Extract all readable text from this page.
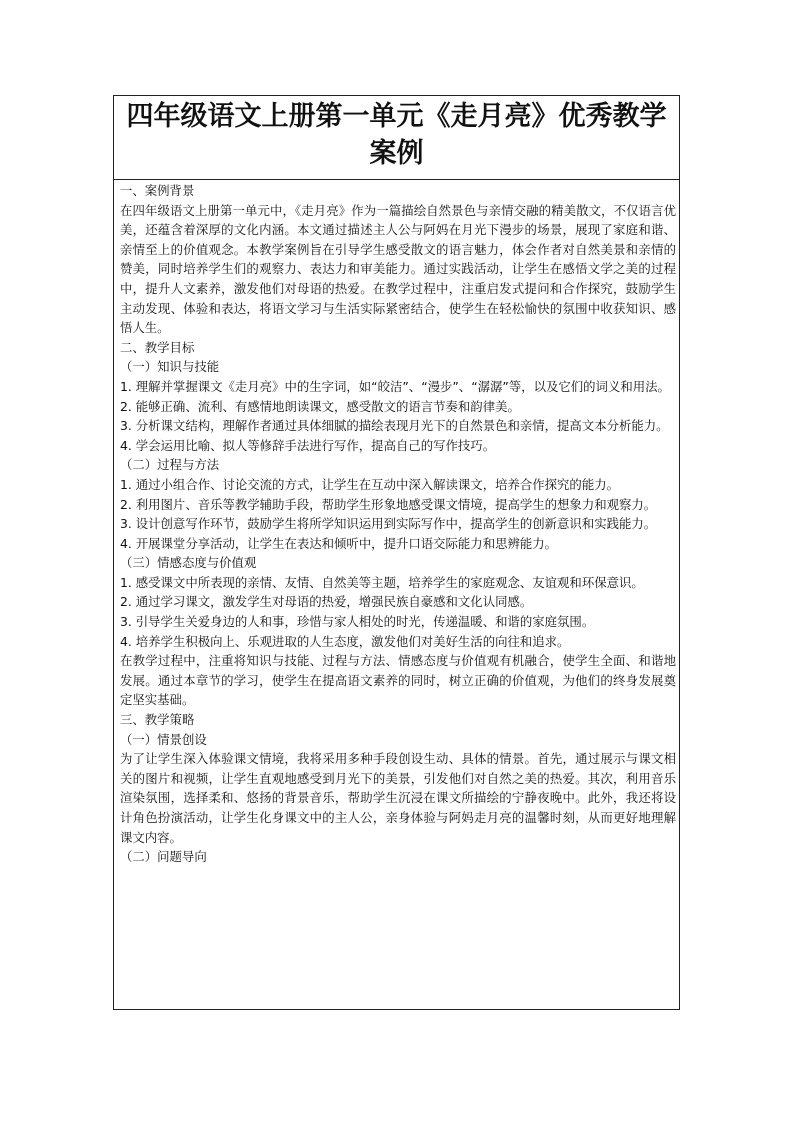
四年级语文上册第一单元《走月亮》优秀教学案例

一、案例背景

在四年级语文上册第一单元中，《走月亮》作为一篇描绘自然景色与亲情交融的精美散文，不仅语言优美，还蕴含着深厚的文化内涵。本文通过描述主人公与阿妈在月光下漫步的场景，展现了家庭和谐、亲情至上的价值观念。本教学案例旨在引导学生感受散文的语言魅力，体会作者对自然美景和亲情的赞美，同时培养学生们的观察力、表达力和审美能力。通过实践活动，让学生在感悟文学之美的过程中，提升人文素养，激发他们对母语的热爱。在教学过程中，注重启发式提问和合作探究，鼓励学生主动发现、体验和表达，将语文学习与生活实际紧密结合，使学生在轻松愉快的氛围中收获知识、感悟人生。

二、教学目标

（一）知识与技能

1. 理解并掌握课文《走月亮》中的生字词，如“皎洁”、“漫步”、“潺潺”等，以及它们的词义和用法。

2. 能够正确、流利、有感情地朗读课文，感受散文的语言节奏和韵律美。

3. 分析课文结构，理解作者通过具体细腻的描绘表现月光下的自然景色和亲情，提高文本分析能力。

4. 学会运用比喻、拟人等修辞手法进行写作，提高自己的写作技巧。

（二）过程与方法

1. 通过小组合作、讨论交流的方式，让学生在互动中深入解读课文，培养合作探究的能力。

2. 利用图片、音乐等教学辅助手段，帮助学生形象地感受课文情境，提高学生的想象力和观察力。

3. 设计创意写作环节，鼓励学生将所学知识运用到实际写作中，提高学生的创新意识和实践能力。

4. 开展课堂分享活动，让学生在表达和倾听中，提升口语交际能力和思辨能力。

（三）情感态度与价值观

1. 感受课文中所表现的亲情、友情、自然美等主题，培养学生的家庭观念、友谊观和环保意识。

2. 通过学习课文，激发学生对母语的热爱，增强民族自豪感和文化认同感。

3. 引导学生关爱身边的人和事，珍惜与家人相处的时光，传递温暖、和谐的家庭氛围。

4. 培养学生积极向上、乐观进取的人生态度，激发他们对美好生活的向往和追求。

在教学过程中，注重将知识与技能、过程与方法、情感态度与价值观有机融合，使学生全面、和谐地发展。通过本章节的学习，使学生在提高语文素养的同时，树立正确的价值观，为他们的终身发展奠定坚实基础。

三、教学策略

（一）情景创设

为了让学生深入体验课文情境，我将采用多种手段创设生动、具体的情景。首先，通过展示与课文相关的图片和视频，让学生直观地感受到月光下的美景，引发他们对自然之美的热爱。其次，利用音乐渲染氛围，选择柔和、悠扬的背景音乐，帮助学生沉浸在课文所描绘的宁静夜晚中。此外，我还将设计角色扮演活动，让学生化身课文中的主人公，亲身体验与阿妈走月亮的温馨时刻，从而更好地理解课文内容。

（二）问题导向
